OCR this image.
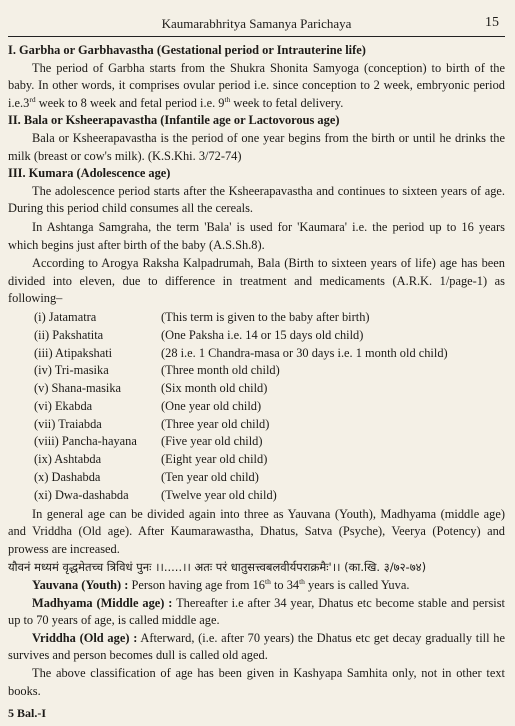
Kaumarabhritya Samanya Parichaya	15

I. Garbha or Garbhavastha (Gestational period or Intrauterine life)

The period of Garbha starts from the Shukra Shonita Samyoga (conception) to birth of the baby. In other words, it comprises ovular period i.e. since conception to 2 week, embryonic period i.e.3rd week to 8 week and fetal period i.e. 9th week to fetal delivery.

II. Bala or Ksheerapavastha (Infantile age or Lactovorous age)

Bala or Ksheerapavastha is the period of one year begins from the birth or until he drinks the milk (breast or cow's milk). (K.S.Khi. 3/72-74)

III. Kumara (Adolescence age)

The adolescence period starts after the Ksheerapavastha and continues to sixteen years of age. During this period child consumes all the cereals.

In Ashtanga Samgraha, the term 'Bala' is used for 'Kaumara' i.e. the period up to 16 years which begins just after birth of the baby (A.S.Sh.8).

According to Arogya Raksha Kalpadrumah, Bala (Birth to sixteen years of life) age has been divided into eleven, due to difference in treatment and medicaments (A.R.K. 1/page-1) as following–

(i) Jatamatra	(This term is given to the baby after birth)
(ii) Pakshatita	(One Paksha i.e. 14 or 15 days old child)
(iii) Atipakshati	(28 i.e. 1 Chandra-masa or 30 days i.e. 1 month old child)
(iv) Tri-masika	(Three month old child)
(v) Shana-masika	(Six month old child)
(vi) Ekabda	(One year old child)
(vii) Traiabda	(Three year old child)
(viii) Pancha-hayana	(Five year old child)
(ix) Ashtabda	(Eight year old child)
(x) Dashabda	(Ten year old child)
(xi) Dwa-dashabda	(Twelve year old child)

In general age can be divided again into three as Yauvana (Youth), Madhyama (middle age) and Vriddha (Old age). After Kaumarawastha, Dhatus, Satva (Psyche), Veerya (Potency) and prowess are increased.

यौवनं मध्यमं वृद्धमेतच्च त्रिविधं पुनः ।।.....।। अतः परं धातुसत्त्वबलवीर्यपराक्रमैः'।। (का.खि. ३/७२-७४)

Yauvana (Youth) : Person having age from 16th to 34th years is called Yuva.

Madhyama (Middle age) : Thereafter i.e after 34 year, Dhatus etc become stable and persist up to 70 years of age, is called middle age.

Vriddha (Old age) : Afterward, (i.e. after 70 years) the Dhatus etc get decay gradually till he survives and person becomes dull is called old aged.

The above classification of age has been given in Kashyapa Samhita only, not in other text books.

5 Bal.-I
